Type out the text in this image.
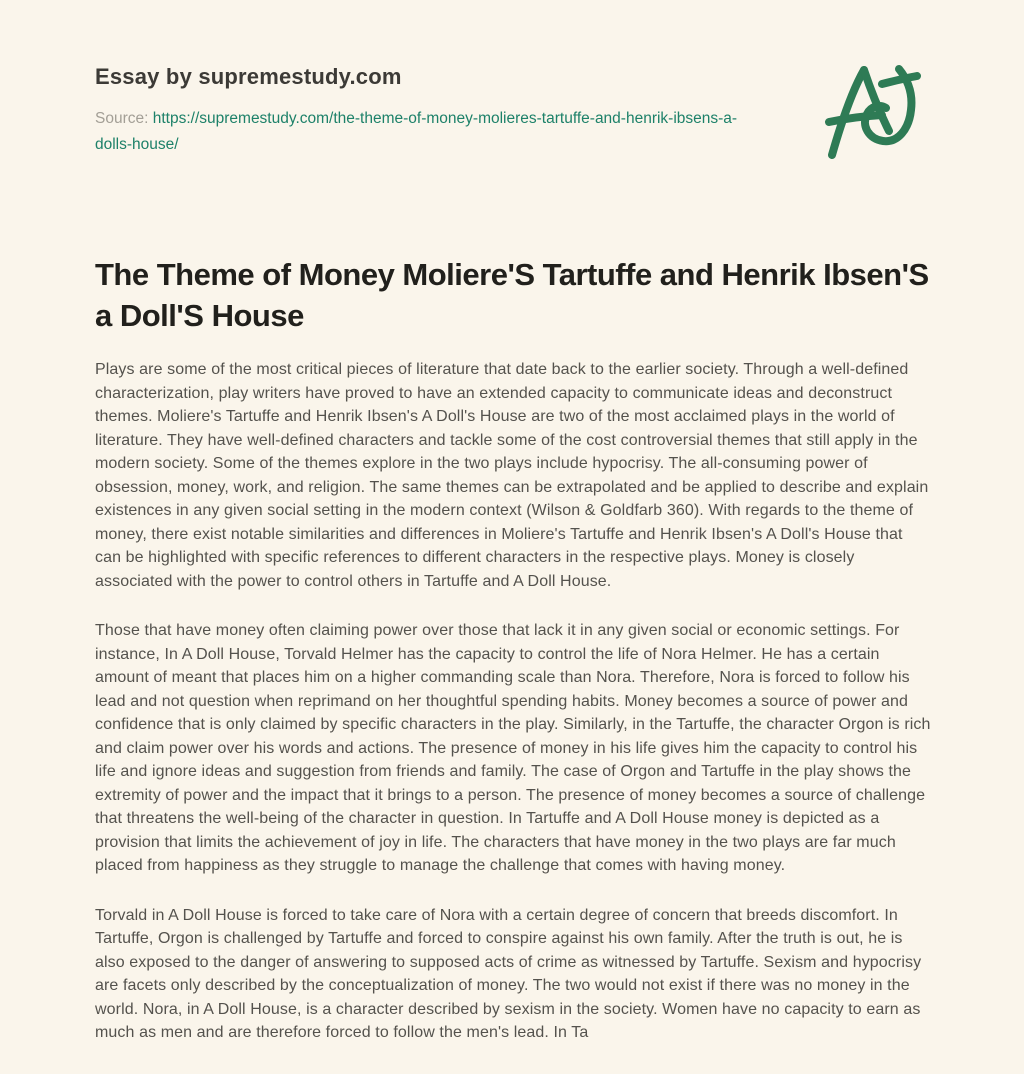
Essay by supremestudy.com

Source: https://supremestudy.com/the-theme-of-money-molieres-tartuffe-and-henrik-ibsens-a-dolls-house/

The Theme of Money Moliere'S Tartuffe and Henrik Ibsen'S a Doll'S House

Plays are some of the most critical pieces of literature that date back to the earlier society. Through a well-defined characterization, play writers have proved to have an extended capacity to communicate ideas and deconstruct themes. Moliere's Tartuffe and Henrik Ibsen's A Doll's House are two of the most acclaimed plays in the world of literature. They have well-defined characters and tackle some of the cost controversial themes that still apply in the modern society. Some of the themes explore in the two plays include hypocrisy. The all-consuming power of obsession, money, work, and religion. The same themes can be extrapolated and be applied to describe and explain existences in any given social setting in the modern context (Wilson & Goldfarb 360). With regards to the theme of money, there exist notable similarities and differences in Moliere's Tartuffe and Henrik Ibsen's A Doll's House that can be highlighted with specific references to different characters in the respective plays. Money is closely associated with the power to control others in Tartuffe and A Doll House.

Those that have money often claiming power over those that lack it in any given social or economic settings. For instance, In A Doll House, Torvald Helmer has the capacity to control the life of Nora Helmer. He has a certain amount of meant that places him on a higher commanding scale than Nora. Therefore, Nora is forced to follow his lead and not question when reprimand on her thoughtful spending habits. Money becomes a source of power and confidence that is only claimed by specific characters in the play. Similarly, in the Tartuffe, the character Orgon is rich and claim power over his words and actions. The presence of money in his life gives him the capacity to control his life and ignore ideas and suggestion from friends and family. The case of Orgon and Tartuffe in the play shows the extremity of power and the impact that it brings to a person. The presence of money becomes a source of challenge that threatens the well-being of the character in question. In Tartuffe and A Doll House money is depicted as a provision that limits the achievement of joy in life. The characters that have money in the two plays are far much placed from happiness as they struggle to manage the challenge that comes with having money.

Torvald in A Doll House is forced to take care of Nora with a certain degree of concern that breeds discomfort. In Tartuffe, Orgon is challenged by Tartuffe and forced to conspire against his own family. After the truth is out, he is also exposed to the danger of answering to supposed acts of crime as witnessed by Tartuffe. Sexism and hypocrisy are facets only described by the conceptualization of money. The two would not exist if there was no money in the world. Nora, in A Doll House, is a character described by sexism in the society. Women have no capacity to earn as much as men and are therefore forced to follow the men's lead. In Ta
